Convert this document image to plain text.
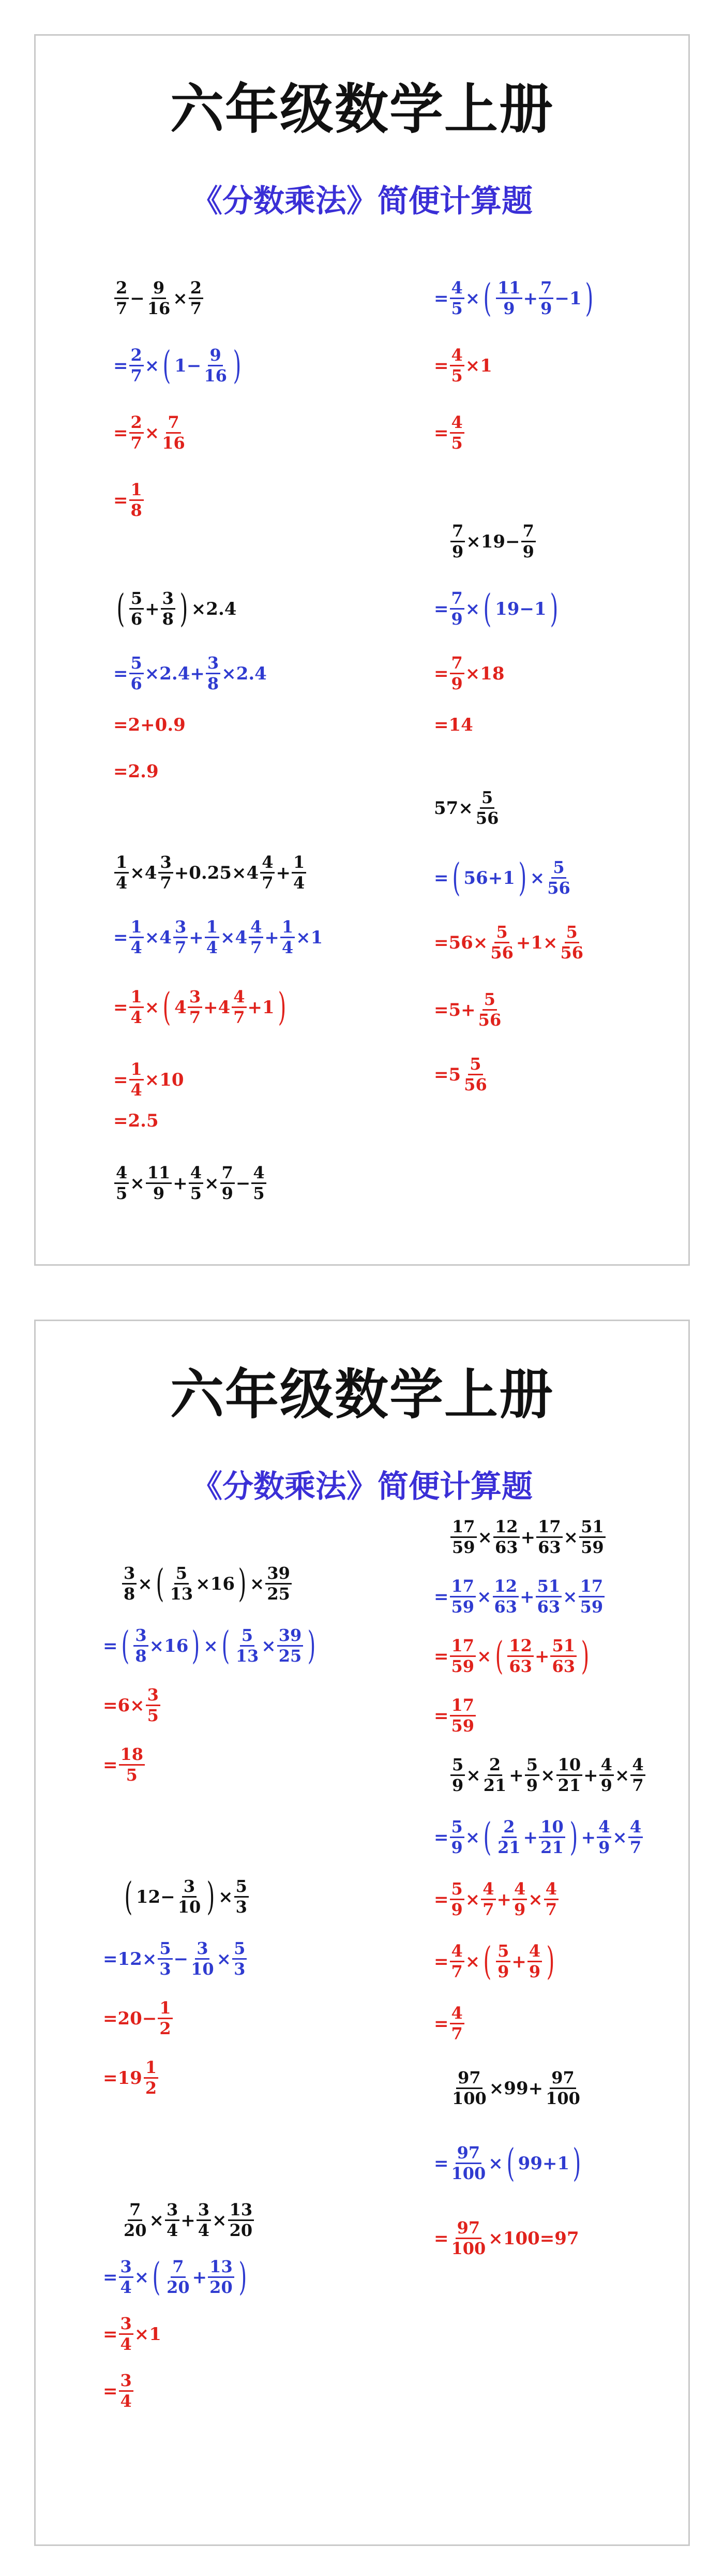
六年级数学上册
《分数乘法》简便计算题
$\frac{2}{7} - \frac{9}{16} \times \frac{2}{7}$
= $\frac{2}{7}$ × ( $1 - \frac{9}{16}$ )
= $\frac{2}{7} \times \frac{7}{16}$
= $\frac{1}{8}$
( $\frac{5}{6} + \frac{3}{8}$ ) × 2.4
= $\frac{5}{6} \times 2.4 + \frac{3}{8} \times 2.4$
= 2 + 0.9
= 2.9
$\frac{1}{4} \times 4 \frac{3}{7} + 0.25 \times 4 \frac{4}{7} + \frac{1}{4}$
= $\frac{1}{4} \times 4 \frac{3}{7} + \frac{1}{4} \times 4 \frac{4}{7} + \frac{1}{4} \times 1$
= $\frac{1}{4}$ × ( $4 \frac{3}{7} + 4 \frac{4}{7} + 1$ )
= $\frac{1}{4} \times 10$
= 2.5
$\frac{4}{5} \times \frac{11}{9} + \frac{4}{5} \times \frac{7}{9} - \frac{4}{5}$
= $\frac{4}{5}$ × ( $\frac{11}{9} + \frac{7}{9} - 1$ )
= $\frac{4}{5} \times 1$
= $\frac{4}{5}$
$\frac{7}{9} \times 19 - \frac{7}{9}$
= $\frac{7}{9}$ × ( 19 − 1 )
= $\frac{7}{9} \times 18$
= 14
$57 \times \frac{5}{56}$
= ( 56 + 1 ) × $\frac{5}{56}$
= $56 \times \frac{5}{56} + 1 \times \frac{5}{56}$
= $5 + \frac{5}{56}$
= $5 \frac{5}{56}$
六年级数学上册
《分数乘法》简便计算题
$\frac{3}{8}$ × ( $\frac{5}{13} \times 16$ ) × $\frac{39}{25}$
= ( $\frac{3}{8} \times 16$ ) × ( $\frac{5}{13} \times \frac{39}{25}$ )
= $6 \times \frac{3}{5}$
= $\frac{18}{5}$
( $12 - \frac{3}{10}$ ) × $\frac{5}{3}$
= $12 \times \frac{5}{3} - \frac{3}{10} \times \frac{5}{3}$
= $20 - \frac{1}{2}$
= $19 \frac{1}{2}$
$\frac{7}{20} \times \frac{3}{4} + \frac{3}{4} \times \frac{13}{20}$
= $\frac{3}{4}$ × ( $\frac{7}{20} + \frac{13}{20}$ )
= $\frac{3}{4} \times 1$
= $\frac{3}{4}$
$\frac{17}{59} \times \frac{12}{63} + \frac{17}{63} \times \frac{51}{59}$
= $\frac{17}{59} \times \frac{12}{63} + \frac{51}{63} \times \frac{17}{59}$
= $\frac{17}{59}$ × ( $\frac{12}{63} + \frac{51}{63}$ )
= $\frac{17}{59}$
$\frac{5}{9} \times \frac{2}{21} + \frac{5}{9} \times \frac{10}{21} + \frac{4}{9} \times \frac{4}{7}$
= $\frac{5}{9}$ × ( $\frac{2}{21} + \frac{10}{21}$ ) + $\frac{4}{9} \times \frac{4}{7}$
= $\frac{5}{9} \times \frac{4}{7} + \frac{4}{9} \times \frac{4}{7}$
= $\frac{4}{7}$ × ( $\frac{5}{9} + \frac{4}{9}$ )
= $\frac{4}{7}$
$\frac{97}{100} \times 99 + \frac{97}{100}$
= $\frac{97}{100}$ × ( 99 + 1 )
= $\frac{97}{100} \times 100 = 97$
